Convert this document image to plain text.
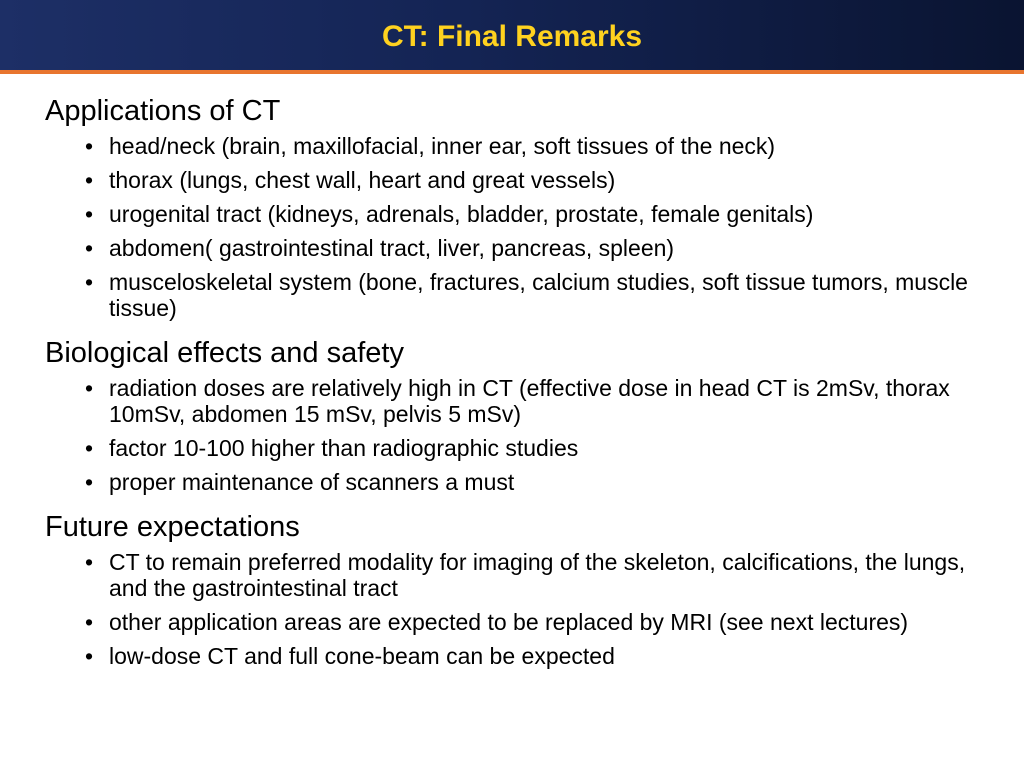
CT: Final Remarks
Applications of CT
• head/neck (brain, maxillofacial, inner ear, soft tissues of the neck)
• thorax (lungs, chest wall, heart and great vessels)
• urogenital tract (kidneys, adrenals, bladder, prostate, female genitals)
• abdomen( gastrointestinal tract, liver, pancreas, spleen)
• musceloskeletal system (bone, fractures, calcium studies, soft tissue tumors, muscle tissue)
Biological effects and safety
• radiation doses are relatively high in CT (effective dose in head CT is 2mSv, thorax 10mSv, abdomen 15 mSv, pelvis 5 mSv)
• factor 10-100 higher than radiographic studies
• proper maintenance of scanners a must
Future expectations
• CT to remain preferred modality for imaging of the skeleton, calcifications, the lungs, and the gastrointestinal tract
• other application areas are expected to be replaced by MRI (see next lectures)
• low-dose CT and full cone-beam can be expected
